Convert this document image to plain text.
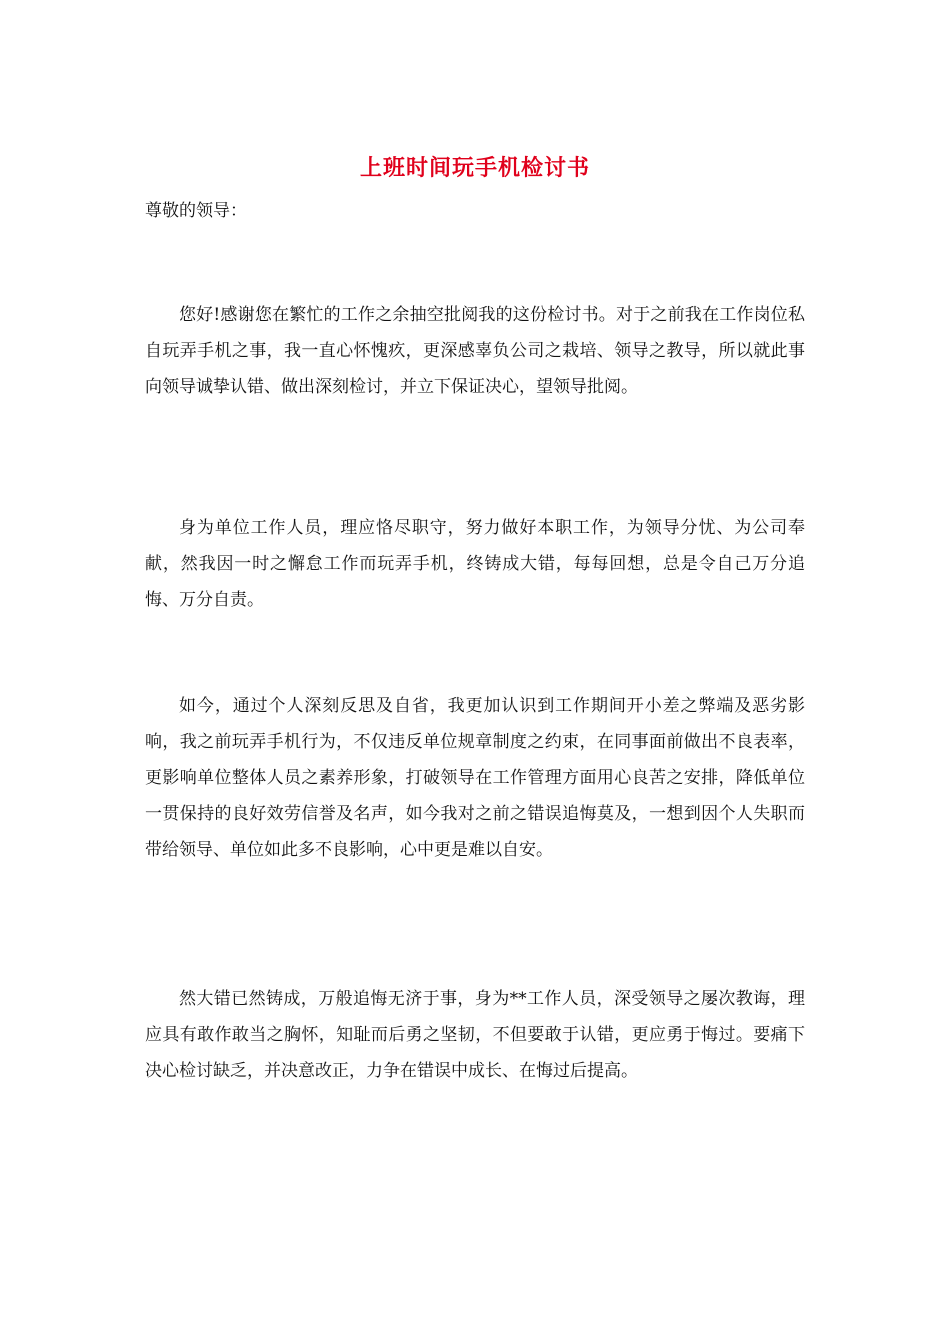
上班时间玩手机检讨书

尊敬的领导：

您好!感谢您在繁忙的工作之余抽空批阅我的这份检讨书。对于之前我在工作岗位私自玩弄手机之事，我一直心怀愧疚，更深感辜负公司之栽培、领导之教导，所以就此事向领导诚挚认错、做出深刻检讨，并立下保证决心，望领导批阅。

身为单位工作人员，理应恪尽职守，努力做好本职工作，为领导分忧、为公司奉献，然我因一时之懈怠工作而玩弄手机，终铸成大错，每每回想，总是令自己万分追悔、万分自责。

如今，通过个人深刻反思及自省，我更加认识到工作期间开小差之弊端及恶劣影响，我之前玩弄手机行为，不仅违反单位规章制度之约束，在同事面前做出不良表率，更影响单位整体人员之素养形象，打破领导在工作管理方面用心良苦之安排，降低单位一贯保持的良好效劳信誉及名声，如今我对之前之错误追悔莫及，一想到因个人失职而带给领导、单位如此多不良影响，心中更是难以自安。

然大错已然铸成，万般追悔无济于事，身为**工作人员，深受领导之屡次教诲，理应具有敢作敢当之胸怀，知耻而后勇之坚韧，不但要敢于认错，更应勇于悔过。要痛下决心检讨缺乏，并决意改正，力争在错误中成长、在悔过后提高。
